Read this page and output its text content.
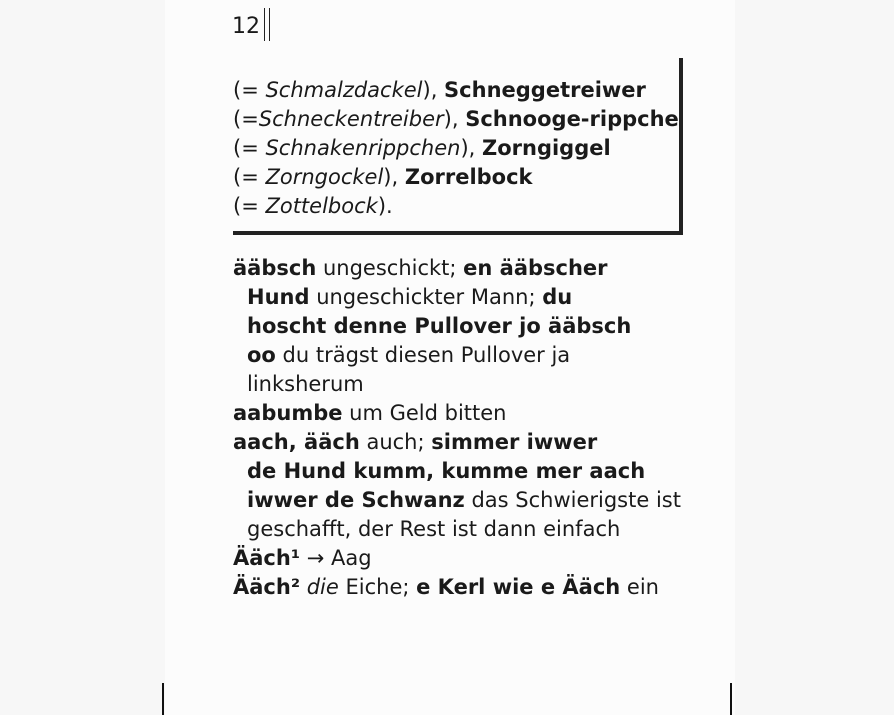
12
(= Schmalzdackel), Schneggetreiwer
(=Schneckentreiber), Schnooge-rippche
(= Schnakenrippchen), Zorngiggel
(= Zorngockel), Zorrelbock
(= Zottelbock).
ääbsch ungeschickt; en ääbscher
Hund ungeschickter Mann; du
hoscht denne Pullover jo ääbsch
oo du trägst diesen Pullover ja
linksherum
aabumbe um Geld bitten
aach, ääch auch; simmer iwwer
de Hund kumm, kumme mer aach
iwwer de Schwanz das Schwierigste ist
geschafft, der Rest ist dann einfach
Ääch¹ → Aag
Ääch² die Eiche; e Kerl wie e Ääch ein
